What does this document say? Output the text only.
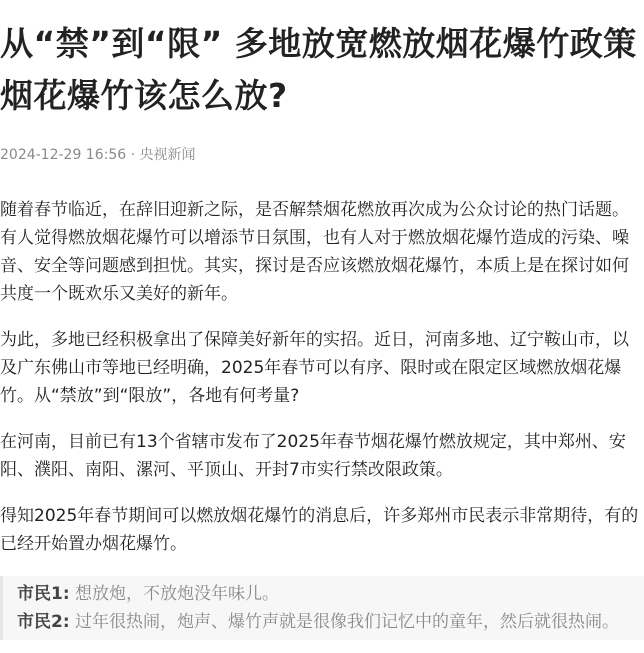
从“禁”到“限” 多地放宽燃放烟花爆竹政策
烟花爆竹该怎么放?
2024-12-29 16:56 · 央视新闻

随着春节临近，在辞旧迎新之际，是否解禁烟花燃放再次成为公众讨论的热门话题。
有人觉得燃放烟花爆竹可以增添节日氛围，也有人对于燃放烟花爆竹造成的污染、噪
音、安全等问题感到担忧。其实，探讨是否应该燃放烟花爆竹，本质上是在探讨如何
共度一个既欢乐又美好的新年。

为此，多地已经积极拿出了保障美好新年的实招。近日，河南多地、辽宁鞍山市，以
及广东佛山市等地已经明确，2025年春节可以有序、限时或在限定区域燃放烟花爆
竹。从“禁放”到“限放”，各地有何考量?

在河南，目前已有13个省辖市发布了2025年春节烟花爆竹燃放规定，其中郑州、安
阳、濮阳、南阳、漯河、平顶山、开封7市实行禁改限政策。

得知2025年春节期间可以燃放烟花爆竹的消息后，许多郑州市民表示非常期待，有的
已经开始置办烟花爆竹。

市民1: 想放炮，不放炮没年味儿。
市民2: 过年很热闹，炮声、爆竹声就是很像我们记忆中的童年，然后就很热闹。
